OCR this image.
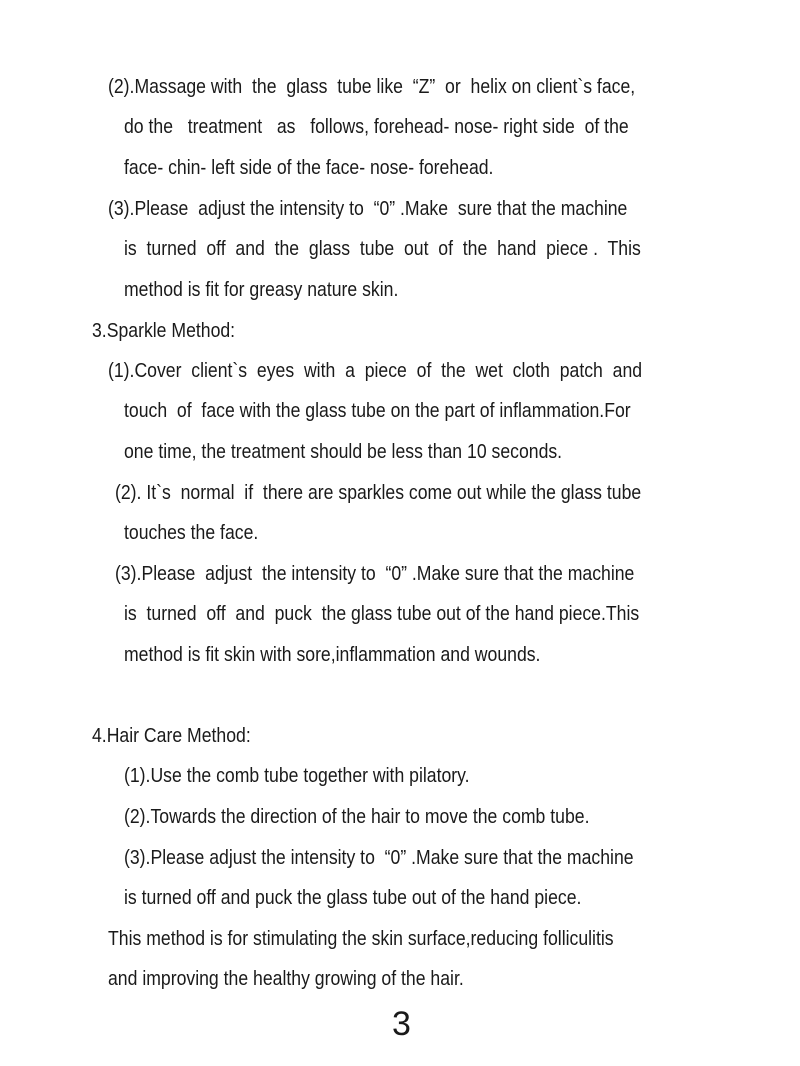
(2).Massage with  the  glass  tube like  “Z”  or  helix on client`s face,
do the   treatment   as   follows, forehead- nose- right side  of the
face- chin- left side of the face- nose- forehead.
(3).Please  adjust the intensity to  “0” .Make  sure that the machine
is  turned  off  and  the  glass  tube  out  of  the  hand  piece .  This
method is fit for greasy nature skin.
3.Sparkle Method:
(1).Cover  client`s  eyes  with  a  piece  of  the  wet  cloth  patch  and
touch  of  face with the glass tube on the part of inflammation.For
one time, the treatment should be less than 10 seconds.
(2). It`s  normal  if  there are sparkles come out while the glass tube
touches the face.
(3).Please  adjust  the intensity to  “0” .Make sure that the machine
is  turned  off  and  puck  the glass tube out of the hand piece.This
method is fit skin with sore,inflammation and wounds.
4.Hair Care Method:
(1).Use the comb tube together with pilatory.
(2).Towards the direction of the hair to move the comb tube.
(3).Please adjust the intensity to  “0” .Make sure that the machine
is turned off and puck the glass tube out of the hand piece.
This method is for stimulating the skin surface,reducing folliculitis
and improving the healthy growing of the hair.
3
